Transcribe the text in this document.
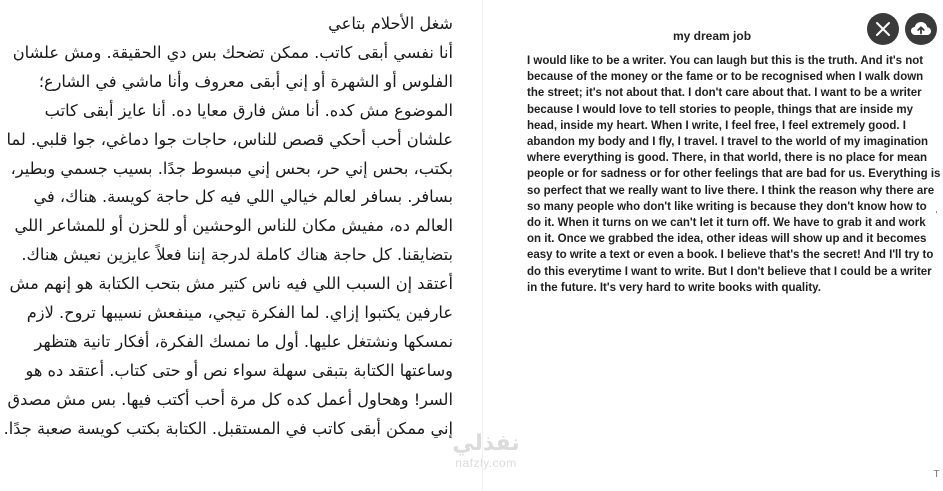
شغل الأحلام بتاعي
أنا نفسي أبقى كاتب. ممكن تضحك بس دي الحقيقة. ومش علشان الفلوس أو الشهرة أو إني أبقى معروف وأنا ماشي في الشارع؛ الموضوع مش كده. أنا مش فارق معايا ده. أنا عايز أبقى كاتب علشان أحب أحكي قصص للناس، حاجات جوا دماغي، جوا قلبي. لما بكتب، بحس إني حر، بحس إني مبسوط جدًا. بسيب جسمي وبطير، بسافر. بسافر لعالم خيالي اللي فيه كل حاجة كويسة. هناك، في العالم ده، مفيش مكان للناس الوحشين أو للحزن أو للمشاعر اللي بتضايقنا. كل حاجة هناك كاملة لدرجة إننا فعلاً عايزين نعيش هناك. أعتقد إن السبب اللي فيه ناس كتير مش بتحب الكتابة هو إنهم مش عارفين يكتبوا إزاي. لما الفكرة تيجي، مينفعش نسيبها تروح. لازم نمسكها ونشتغل عليها. أول ما نمسك الفكرة، أفكار تانية هتظهر وساعتها الكتابة بتبقى سهلة سواء نص أو حتى كتاب. أعتقد ده هو السر! وهحاول أعمل كده كل مرة أحب أكتب فيها. بس مش مصدق إني ممكن أبقى كاتب في المستقبل. الكتابة بكتب كويسة صعبة جدًا.
my dream job
I would like to be a writer. You can laugh but this is the truth. And it's not because of the money or the fame or to be recognised when I walk down the street; it's not about that. I don't care about that. I want to be a writer because I would love to tell stories to people, things that are inside my head, inside my heart. When I write, I feel free, I feel extremely good. I abandon my body and I fly, I travel. I travel to the world of my imagination where everything is good. There, in that world, there is no place for mean people or for sadness or for other feelings that are bad for us. Everything is so perfect that we really want to live there. I think the reason why there are so many people who don't like writing is because they don't know how to do it. When it turns on we can't let it turn off. We have to grab it and work on it. Once we grabbed the idea, other ideas will show up and it becomes easy to write a text or even a book. I believe that's the secret! And I'll try to do this everytime I want to write. But I don't believe that I could be a writer in the future. It's very hard to write books with quality.
'
T
نفذلي
nafzly.com
